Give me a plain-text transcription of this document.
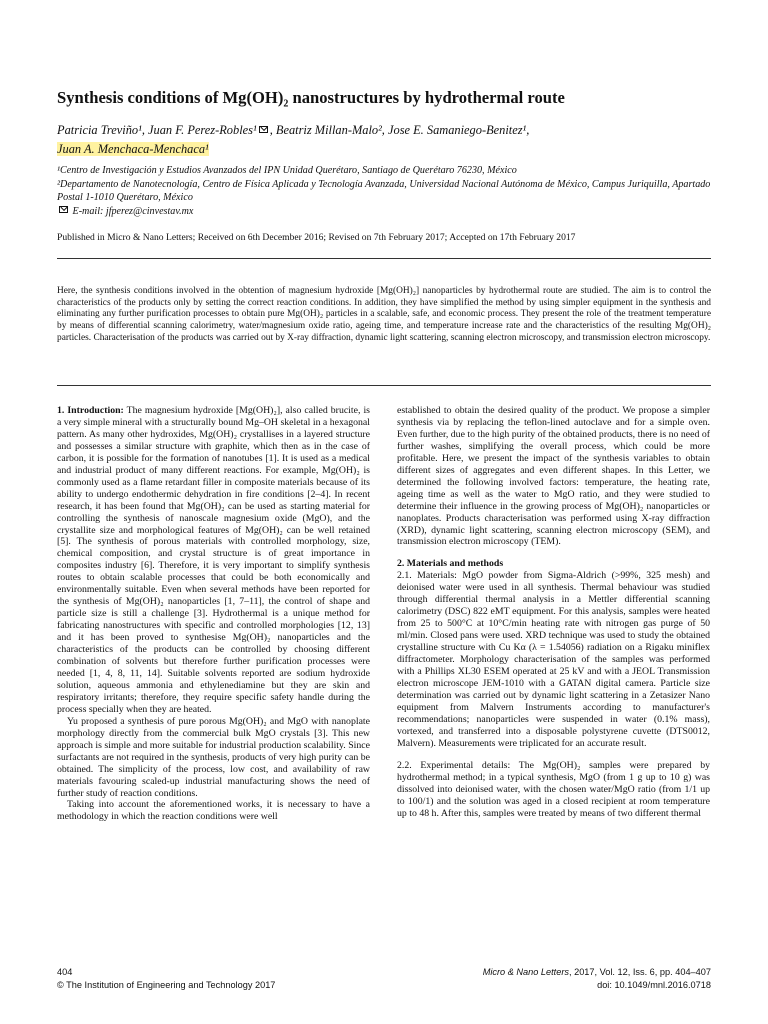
Synthesis conditions of Mg(OH)₂ nanostructures by hydrothermal route
Patricia Treviño¹, Juan F. Perez-Robles¹ , Beatriz Millan-Malo², Jose E. Samaniego-Benitez¹,
Juan A. Menchaca-Menchaca¹
¹Centro de Investigación y Estudios Avanzados del IPN Unidad Querétaro, Santiago de Querétaro 76230, México
²Departamento de Nanotecnología, Centro de Física Aplicada y Tecnología Avanzada, Universidad Nacional Autónoma de México, Campus Juriquilla, Apartado Postal 1-1010 Querétaro, México
E-mail: jfperez@cinvestav.mx
Published in Micro & Nano Letters; Received on 6th December 2016; Revised on 7th February 2017; Accepted on 17th February 2017

Here, the synthesis conditions involved in the obtention of magnesium hydroxide [Mg(OH)₂] nanoparticles by hydrothermal route are studied. The aim is to control the characteristics of the products only by setting the correct reaction conditions. In addition, they have simplified the method by using simpler equipment in the synthesis and eliminating any further purification processes to obtain pure Mg(OH)₂ particles in a scalable, safe, and economic process. They present the role of the treatment temperature by means of differential scanning calorimetry, water/magnesium oxide ratio, ageing time, and temperature increase rate and the characteristics of the resulting Mg(OH)₂ particles. Characterisation of the products was carried out by X-ray diffraction, dynamic light scattering, scanning electron microscopy, and transmission electron microscopy.

1. Introduction: The magnesium hydroxide [Mg(OH)₂], also called brucite, is a very simple mineral with a structurally bound Mg–OH skeletal in a hexagonal pattern. As many other hydroxides, Mg(OH)₂ crystallises in a layered structure and possesses a similar structure with graphite, which then as in the case of carbon, it is possible for the formation of nanotubes [1]. It is used as a medical and industrial product of many different reactions. For example, Mg(OH)₂ is commonly used as a flame retardant filler in composite materials because of its ability to undergo endothermic dehydration in fire conditions [2–4]. In recent research, it has been found that Mg(OH)₂ can be used as starting material for controlling the synthesis of nanoscale magnesium oxide (MgO), and the crystallite size and morphological features of Mg(OH)₂ can be well retained [5]. The synthesis of porous materials with controlled morphology, size, chemical composition, and crystal structure is of great importance in composites industry [6]. Therefore, it is very important to simplify synthesis routes to obtain scalable processes that could be both economically and environmentally suitable. Even when several methods have been reported for the synthesis of Mg(OH)₂ nanoparticles [1, 7–11], the control of shape and particle size is still a challenge [3]. Hydrothermal is a unique method for fabricating nanostructures with specific and controlled morphologies [12, 13] and it has been proved to synthesise Mg(OH)₂ nanoparticles and the characteristics of the products can be controlled by choosing different combination of solvents but therefore further purification processes were needed [1, 4, 8, 11, 14]. Suitable solvents reported are sodium hydroxide solution, aqueous ammonia and ethylenediamine but they are skin and respiratory irritants; therefore, they require specific safety handle during the process specially when they are heated.

Yu proposed a synthesis of pure porous Mg(OH)₂ and MgO with nanoplate morphology directly from the commercial bulk MgO crystals [3]. This new approach is simple and more suitable for industrial production scalability. Since surfactants are not required in the synthesis, products of very high purity can be obtained. The simplicity of the process, low cost, and availability of raw materials favouring scaled-up industrial manufacturing shows the need of further study of reaction conditions.

Taking into account the aforementioned works, it is necessary to have a methodology in which the reaction conditions were well

established to obtain the desired quality of the product. We propose a simpler synthesis via by replacing the teflon-lined autoclave and for a simple oven. Even further, due to the high purity of the obtained products, there is no need of further washes, simplifying the overall process, which could be more profitable. Here, we present the impact of the synthesis variables to obtain different sizes of aggregates and even different shapes. In this Letter, we determined the following involved factors: temperature, the heating rate, ageing time as well as the water to MgO ratio, and they were studied to determine their influence in the growing process of Mg(OH)₂ nanoparticles or nanoplates. Products characterisation was performed using X-ray diffraction (XRD), dynamic light scattering, scanning electron microscopy (SEM), and transmission electron microscopy (TEM).

2. Materials and methods

2.1. Materials: MgO powder from Sigma-Aldrich (>99%, 325 mesh) and deionised water were used in all synthesis. Thermal behaviour was studied through differential thermal analysis in a Mettler differential scanning calorimetry (DSC) 822 eMT equipment. For this analysis, samples were heated from 25 to 500°C at 10°C/min heating rate with nitrogen gas purge of 50 ml/min. Closed pans were used. XRD technique was used to study the obtained crystalline structure with Cu Kα (λ = 1.54056) radiation on a Rigaku miniflex diffractometer. Morphology characterisation of the samples was performed with a Phillips XL30 ESEM operated at 25 kV and with a JEOL Transmission electron microscope JEM-1010 with a GATAN digital camera. Particle size determination was carried out by dynamic light scattering in a Zetasizer Nano equipment from Malvern Instruments according to manufacturer's recommendations; nanoparticles were suspended in water (0.1% mass), vortexed, and transferred into a disposable polystyrene cuvette (DTS0012, Malvern). Measurements were triplicated for an accurate result.

2.2. Experimental details: The Mg(OH)₂ samples were prepared by hydrothermal method; in a typical synthesis, MgO (from 1 g up to 10 g) was dissolved into deionised water, with the chosen water/MgO ratio (from 1/1 up to 100/1) and the solution was aged in a closed recipient at room temperature up to 48 h. After this, samples were treated by means of two different thermal

404
© The Institution of Engineering and Technology 2017
Micro & Nano Letters, 2017, Vol. 12, Iss. 6, pp. 404–407
doi: 10.1049/mnl.2016.0718
